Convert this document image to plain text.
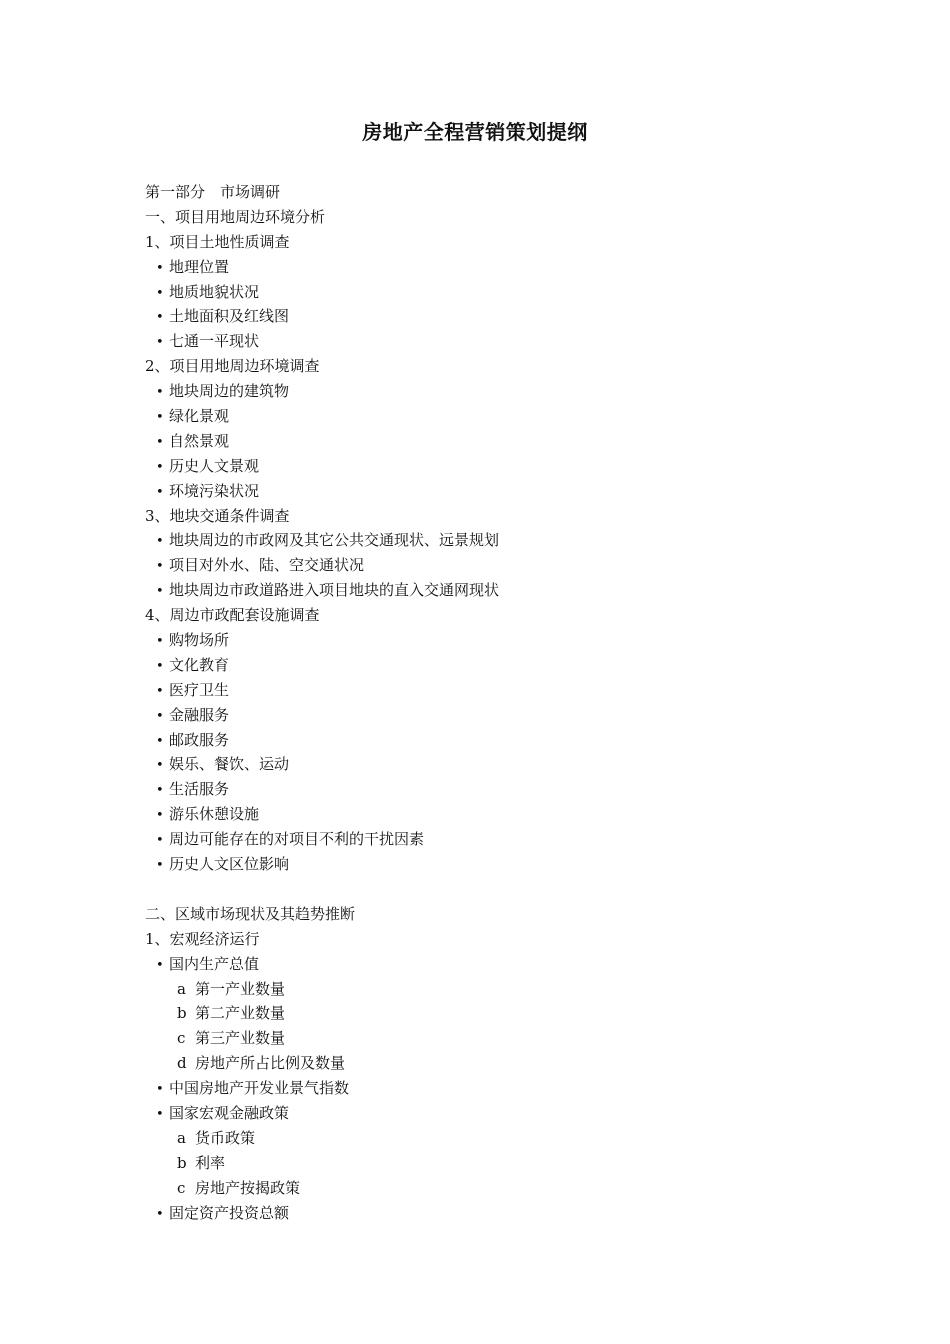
房地产全程营销策划提纲
第一部分　市场调研
一、项目用地周边环境分析
1、项目土地性质调查
• 地理位置
• 地质地貌状况
• 土地面积及红线图
• 七通一平现状
2、项目用地周边环境调查
• 地块周边的建筑物
• 绿化景观
• 自然景观
• 历史人文景观
• 环境污染状况
3、地块交通条件调查
• 地块周边的市政网及其它公共交通现状、远景规划
• 项目对外水、陆、空交通状况
• 地块周边市政道路进入项目地块的直入交通网现状
4、周边市政配套设施调查
• 购物场所
• 文化教育
• 医疗卫生
• 金融服务
• 邮政服务
• 娱乐、餐饮、运动
• 生活服务
• 游乐休憩设施
• 周边可能存在的对项目不利的干扰因素
• 历史人文区位影响
二、区域市场现状及其趋势推断
1、宏观经济运行
• 国内生产总值
a 第一产业数量
b 第二产业数量
c 第三产业数量
d 房地产所占比例及数量
• 中国房地产开发业景气指数
• 国家宏观金融政策
a 货币政策
b 利率
c 房地产按揭政策
• 固定资产投资总额
